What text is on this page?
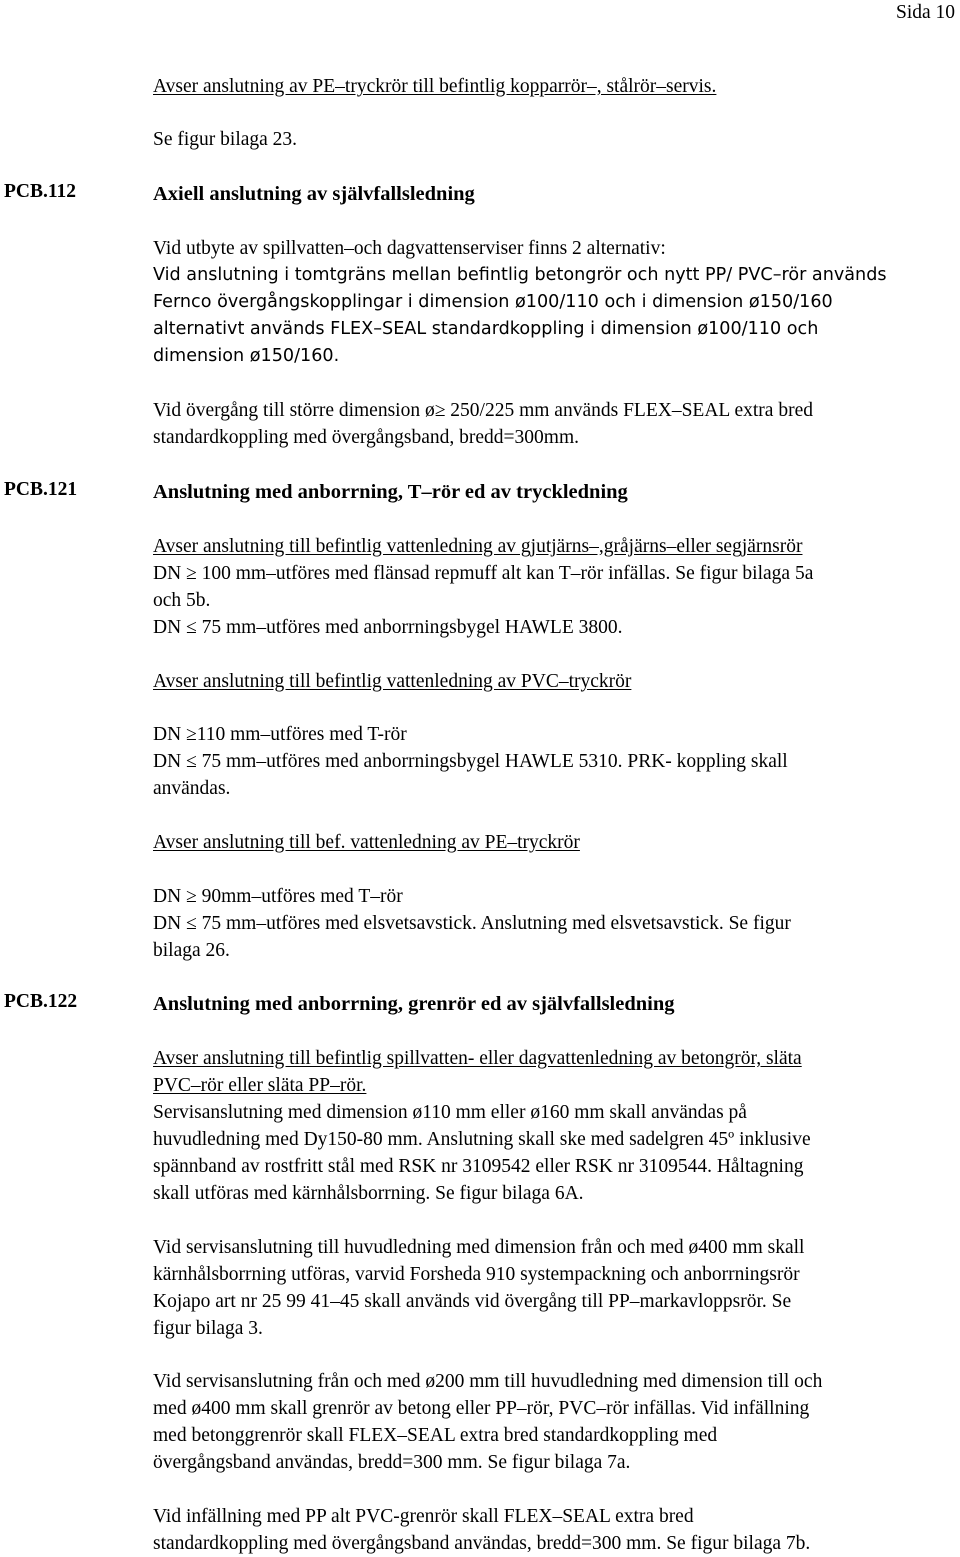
Sida 10
Avser anslutning av PE–tryckrör till befintlig kopparrör–, stålrör–servis.
Se figur bilaga 23.
PCB.112	Axiell anslutning av självfallsledning
Vid utbyte av spillvatten–och dagvattenserviser finns 2 alternativ:
Vid anslutning i tomtgräns mellan befintlig betongrör och nytt PP/ PVC–rör används
Fernco övergångskopplingar i dimension ø100/110 och i dimension ø150/160
alternativt används FLEX–SEAL standardkoppling i dimension ø100/110 och
dimension ø150/160.
Vid övergång till större dimension ø≥ 250/225 mm används FLEX–SEAL extra bred
standardkoppling med övergångsband, bredd=300mm.
PCB.121	Anslutning med anborrning, T–rör ed av tryckledning
Avser anslutning till befintlig vattenledning av gjutjärns–,gråjärns–eller segjärnsrör
DN ≥ 100 mm–utföres med flänsad repmuff alt kan T–rör infällas. Se figur bilaga 5a
och 5b.
DN ≤ 75 mm–utföres med anborrningsbygel HAWLE 3800.
Avser anslutning till befintlig vattenledning av PVC–tryckrör
DN ≥110 mm–utföres med T-rör
DN ≤ 75 mm–utföres med anborrningsbygel HAWLE 5310. PRK- koppling skall
användas.
Avser anslutning till bef. vattenledning av PE–tryckrör
DN ≥ 90mm–utföres med T–rör
DN ≤ 75 mm–utföres med elsvetsavstick. Anslutning med elsvetsavstick. Se figur
bilaga 26.
PCB.122	Anslutning med anborrning, grenrör ed av självfallsledning
Avser anslutning till befintlig spillvatten- eller dagvattenledning av betongrör, släta
PVC–rör eller släta PP–rör.
Servisanslutning med dimension ø110 mm eller ø160 mm skall användas på
huvudledning med Dy150-80 mm. Anslutning skall ske med sadelgren 45º inklusive
spännband av rostfritt stål med RSK nr 3109542 eller RSK nr 3109544. Håltagning
skall utföras med kärnhålsborrning. Se figur bilaga 6A.
Vid servisanslutning till huvudledning med dimension från och med ø400 mm skall
kärnhålsborrning utföras, varvid Forsheda 910 systempackning och anborrningsrör
Kojapo art nr 25 99 41–45 skall används vid övergång till PP–markavloppsrör. Se
figur bilaga 3.
Vid servisanslutning från och med ø200 mm till huvudledning med dimension till och
med ø400 mm skall grenrör av betong eller PP–rör, PVC–rör infällas. Vid infällning
med betonggrenrör skall FLEX–SEAL extra bred standardkoppling med
övergångsband användas, bredd=300 mm. Se figur bilaga 7a.
Vid infällning med PP alt PVC-grenrör skall FLEX–SEAL extra bred
standardkoppling med övergångsband användas, bredd=300 mm. Se figur bilaga 7b.
